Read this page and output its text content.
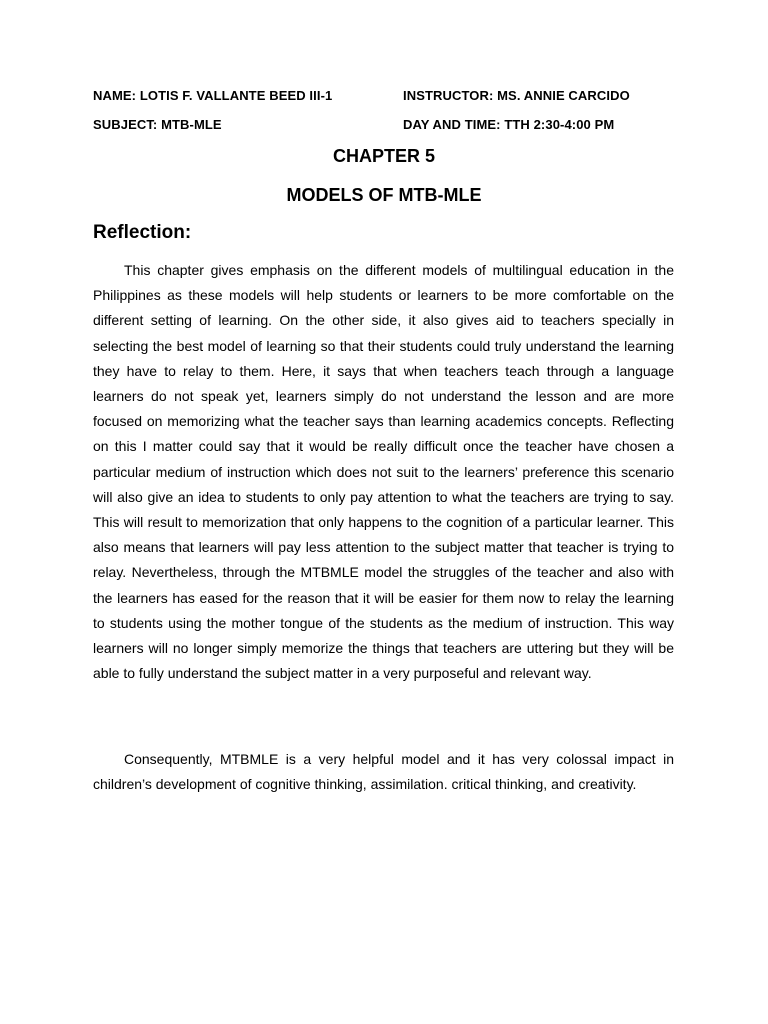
NAME: LOTIS F. VALLANTE BEED III-1	INSTRUCTOR: MS. ANNIE CARCIDO
SUBJECT: MTB-MLE	DAY AND TIME: TTH 2:30-4:00 PM
CHAPTER 5
MODELS OF MTB-MLE
Reflection:

This chapter gives emphasis on the different models of multilingual education in the Philippines as these models will help students or learners to be more comfortable on the different setting of learning. On the other side, it also gives aid to teachers specially in selecting the best model of learning so that their students could truly understand the learning they have to relay to them. Here, it says that when teachers teach through a language learners do not speak yet, learners simply do not understand the lesson and are more focused on memorizing what the teacher says than learning academics concepts. Reflecting on this I matter could say that it would be really difficult once the teacher have chosen a particular medium of instruction which does not suit to the learners’ preference this scenario will also give an idea to students to only pay attention to what the teachers are trying to say. This will result to memorization that only happens to the cognition of a particular learner. This also means that learners will pay less attention to the subject matter that teacher is trying to relay. Nevertheless, through the MTBMLE model the struggles of the teacher and also with the learners has eased for the reason that it will be easier for them now to relay the learning to students using the mother tongue of the students as the medium of instruction. This way learners will no longer simply memorize the things that teachers are uttering but they will be able to fully understand the subject matter in a very purposeful and relevant way.

Consequently, MTBMLE is a very helpful model and it has very colossal impact in children’s development of cognitive thinking, assimilation. critical thinking, and creativity.
